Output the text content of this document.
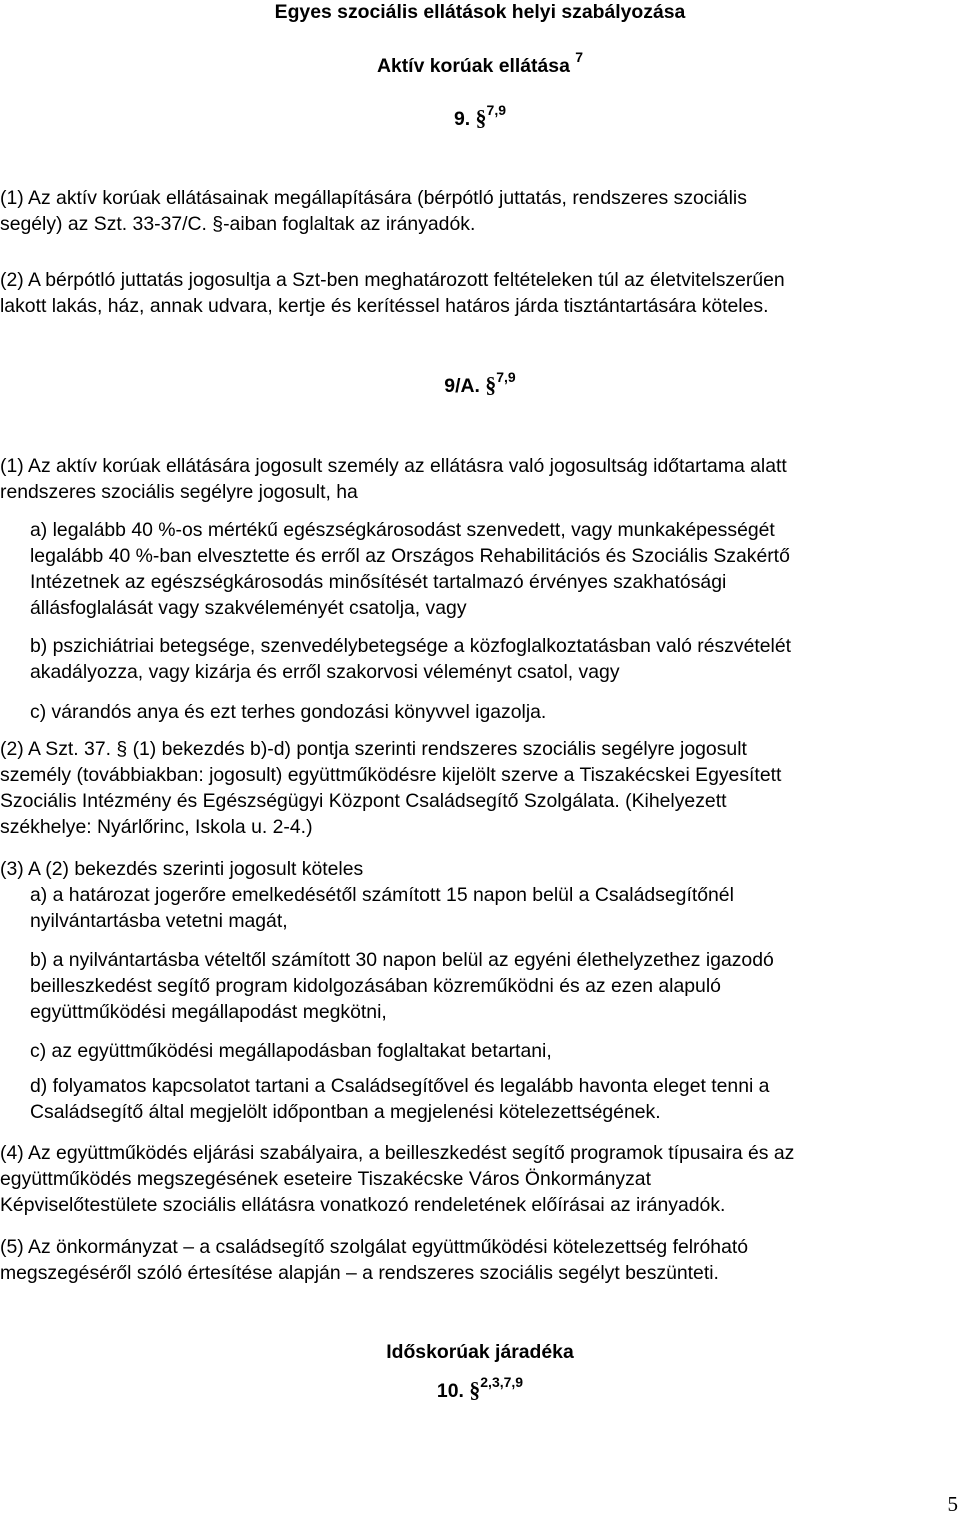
Egyes szociális ellátások helyi szabályozása
Aktív korúak ellátása $^7$
9. §$^{7,9}$
(1) Az aktív korúak ellátásainak megállapítására (bérpótló juttatás, rendszeres szociális
segély) az Szt. 33-37/C. §-aiban foglaltak az irányadók.
(2) A bérpótló juttatás jogosultja a Szt-ben meghatározott feltételeken túl az életvitelszerűen
lakott lakás, ház, annak udvara, kertje és kerítéssel határos járda tisztántartására köteles.
9/A. §$^{7,9}$
(1) Az aktív korúak ellátására jogosult személy az ellátásra való jogosultság időtartama alatt
rendszeres szociális segélyre jogosult, ha
a) legalább 40 %-os mértékű egészségkárosodást szenvedett, vagy munkaképességét
legalább 40 %-ban elvesztette és erről az Országos Rehabilitációs és Szociális Szakértő
Intézetnek az egészségkárosodás minősítését tartalmazó érvényes szakhatósági
állásfoglalását vagy szakvéleményét csatolja, vagy
b) pszichiátriai betegsége, szenvedélybetegsége a közfoglalkoztatásban való részvételét
akadályozza, vagy kizárja és erről szakorvosi véleményt csatol, vagy
c) várandós anya és ezt terhes gondozási könyvvel igazolja.
(2) A Szt. 37. § (1) bekezdés b)-d) pontja szerinti rendszeres szociális segélyre jogosult
személy (továbbiakban: jogosult) együttműködésre kijelölt szerve a Tiszakécskei Egyesített
Szociális Intézmény és Egészségügyi Központ Családsegítő Szolgálata. (Kihelyezett
székhelye: Nyárlőrinc, Iskola u. 2-4.)
(3) A (2) bekezdés szerinti jogosult köteles
a) a határozat jogerőre emelkedésétől számított 15 napon belül a Családsegítőnél
nyilvántartásba vetetni magát,
b) a nyilvántartásba vételtől számított 30 napon belül az egyéni élethelyzethez igazodó
beilleszkedést segítő program kidolgozásában közreműködni és az ezen alapuló
együttműködési megállapodást megkötni,
c) az együttműködési megállapodásban foglaltakat betartani,
d) folyamatos kapcsolatot tartani a Családsegítővel és legalább havonta eleget tenni a
Családsegítő által megjelölt időpontban a megjelenési kötelezettségének.
(4) Az együttműködés eljárási szabályaira, a beilleszkedést segítő programok típusaira és az
együttműködés megszegésének eseteire Tiszakécske Város Önkormányzat
Képviselőtestülete szociális ellátásra vonatkozó rendeletének előírásai az irányadók.
(5) Az önkormányzat – a családsegítő szolgálat együttműködési kötelezettség felróható
megszegéséről szóló értesítése alapján – a rendszeres szociális segélyt beszünteti.
Időskorúak járadéka
10. §$^{2,3,7,9}$
5
